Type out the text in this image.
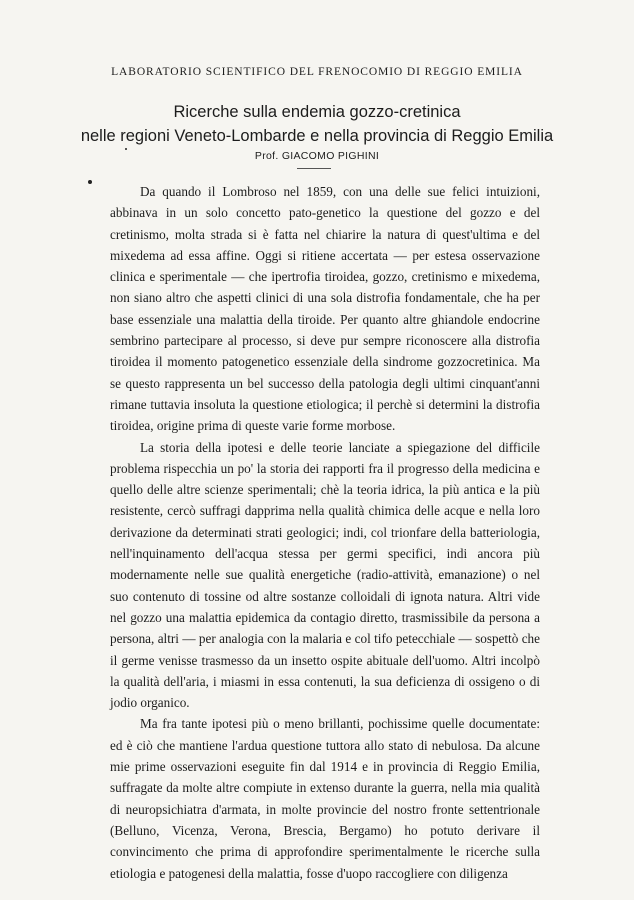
LABORATORIO SCIENTIFICO DEL FRENOCOMIO DI REGGIO EMILIA
Ricerche sulla endemia gozzo-cretinica
nelle regioni Veneto-Lombarde e nella provincia di Reggio Emilia
Prof. GIACOMO PIGHINI

Da quando il Lombroso nel 1859, con una delle sue felici intuizioni, abbinava in un solo concetto pato-genetico la questione del gozzo e del cretinismo, molta strada si è fatta nel chiarire la natura di quest'ultima e del mixedema ad essa affine. Oggi si ritiene accertata — per estesa osservazione clinica e sperimentale — che ipertrofia tiroidea, gozzo, cretinismo e mixedema, non siano altro che aspetti clinici di una sola distrofia fondamentale, che ha per base essenziale una malattia della tiroide. Per quanto altre ghiandole endocrine sembrino partecipare al processo, si deve pur sempre riconoscere alla distrofia tiroidea il momento patogenetico essenziale della sindrome gozzocretinica. Ma se questo rappresenta un bel successo della patologia degli ultimi cinquant'anni rimane tuttavia insoluta la questione etiologica; il perchè si determini la distrofia tiroidea, origine prima di queste varie forme morbose.

La storia della ipotesi e delle teorie lanciate a spiegazione del difficile problema rispecchia un po' la storia dei rapporti fra il progresso della medicina e quello delle altre scienze sperimentali; chè la teoria idrica, la più antica e la più resistente, cercò suffragi dapprima nella qualità chimica delle acque e nella loro derivazione da determinati strati geologici; indi, col trionfare della batteriologia, nell'inquinamento dell'acqua stessa per germi specifici, indi ancora più modernamente nelle sue qualità energetiche (radio-attività, emanazione) o nel suo contenuto di tossine od altre sostanze colloidali di ignota natura. Altri vide nel gozzo una malattia epidemica da contagio diretto, trasmissibile da persona a persona, altri — per analogia con la malaria e col tifo petecchiale — sospettò che il germe venisse trasmesso da un insetto ospite abituale dell'uomo. Altri incolpò la qualità dell'aria, i miasmi in essa contenuti, la sua deficienza di ossigeno o di jodio organico.

Ma fra tante ipotesi più o meno brillanti, pochissime quelle documentate: ed è ciò che mantiene l'ardua questione tuttora allo stato di nebulosa. Da alcune mie prime osservazioni eseguite fin dal 1914 e in provincia di Reggio Emilia, suffragate da molte altre compiute in extenso durante la guerra, nella mia qualità di neuropsichiatra d'armata, in molte provincie del nostro fronte settentrionale (Belluno, Vicenza, Verona, Brescia, Bergamo) ho potuto derivare il convincimento che prima di approfondire sperimentalmente le ricerche sulla etiologia e patogenesi della malattia, fosse d'uopo raccogliere con diligenza
